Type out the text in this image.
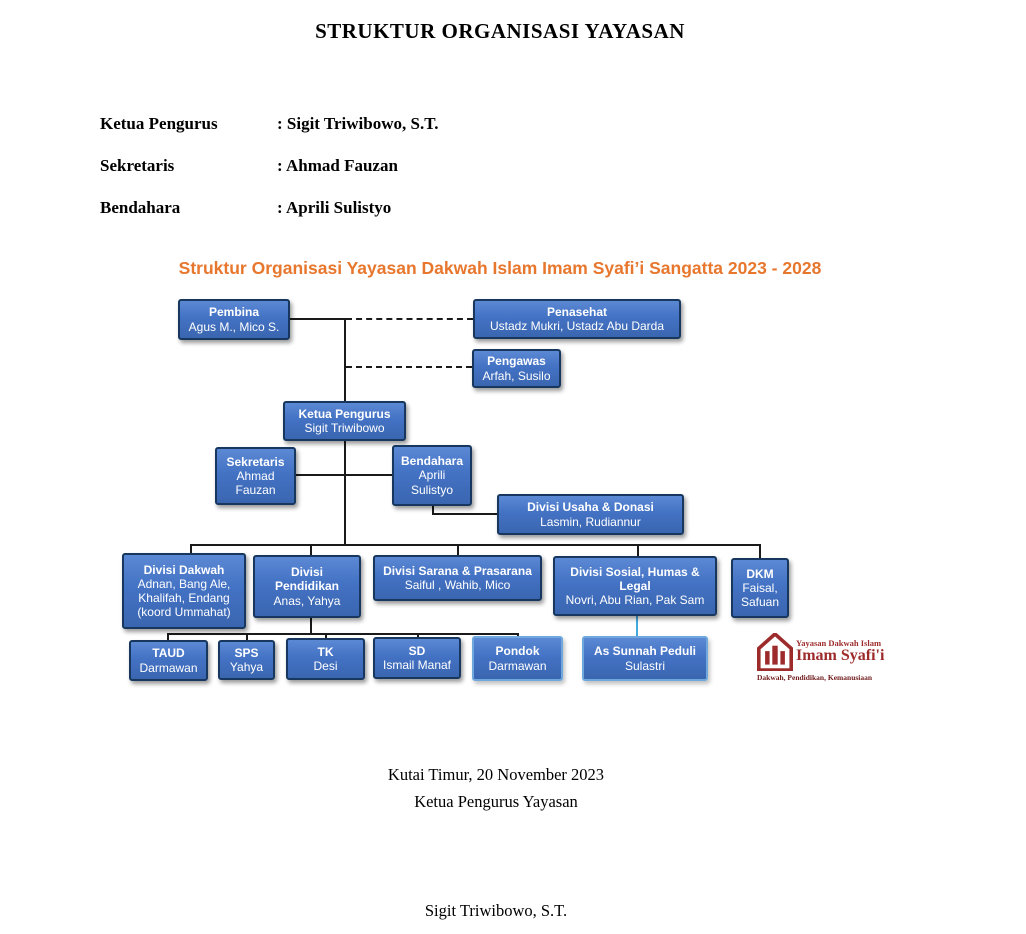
STRUKTUR ORGANISASI YAYASAN
Ketua Pengurus	: Sigit Triwibowo, S.T.
Sekretaris	: Ahmad Fauzan
Bendahara	: Aprili Sulistyo
Struktur Organisasi Yayasan Dakwah Islam Imam Syafi’i Sangatta 2023 - 2028
Pembina
Agus M., Mico S.
Penasehat
Ustadz Mukri, Ustadz Abu Darda
Pengawas
Arfah, Susilo
Ketua Pengurus
Sigit Triwibowo
Sekretaris
Ahmad Fauzan
Bendahara
Aprili Sulistyo
Divisi Usaha & Donasi
Lasmin, Rudiannur
Divisi Dakwah
Adnan, Bang Ale, Khalifah, Endang (koord Ummahat)
Divisi Pendidikan
Anas, Yahya
Divisi Sarana & Prasarana
Saiful , Wahib, Mico
Divisi Sosial, Humas & Legal
Novri, Abu Rian, Pak Sam
DKM
Faisal, Safuan
TAUD
Darmawan
SPS
Yahya
TK
Desi
SD
Ismail Manaf
Pondok
Darmawan
As Sunnah Peduli
Sulastri
Yayasan Dakwah Islam
Imam Syafi'i
Dakwah, Pendidikan, Kemanusiaan
Kutai Timur, 20 November 2023
Ketua Pengurus Yayasan
Sigit Triwibowo, S.T.
